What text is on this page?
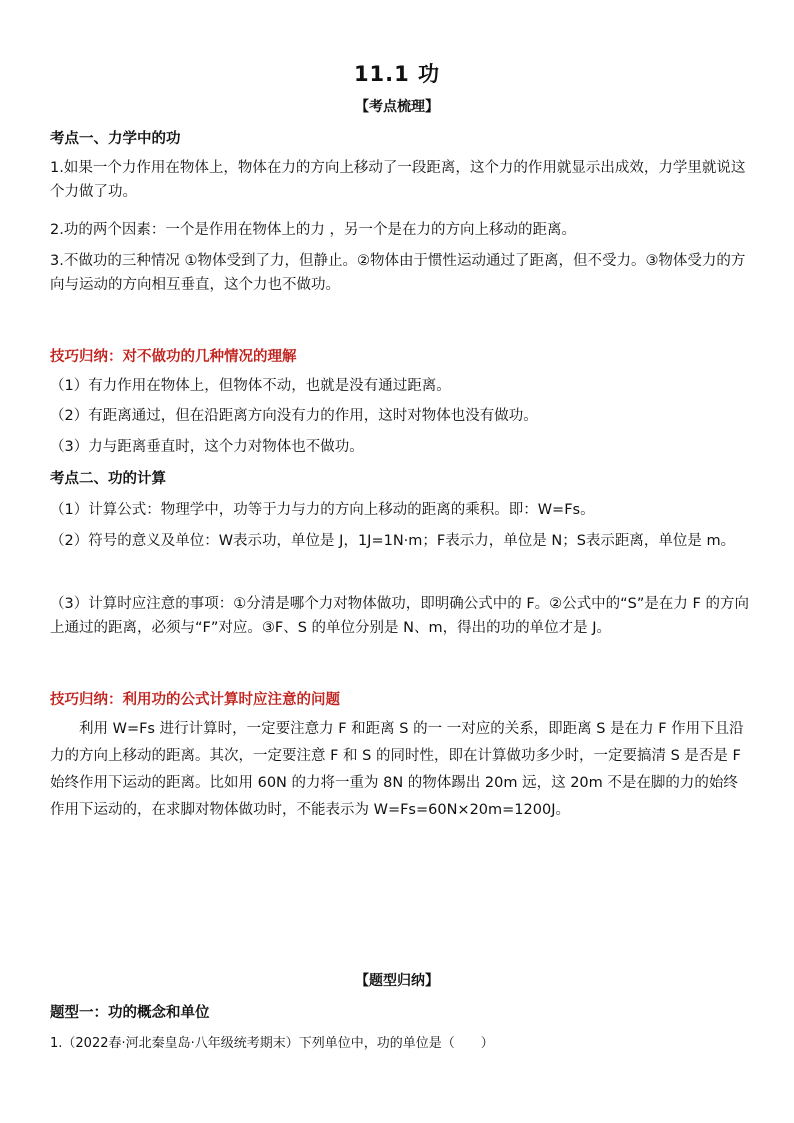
11.1 功
【考点梳理】
考点一、力学中的功
1.如果一个力作用在物体上，物体在力的方向上移动了一段距离，这个力的作用就显示出成效，力学里就说这个力做了功。
2.功的两个因素：一个是作用在物体上的力 ，另一个是在力的方向上移动的距离。
3.不做功的三种情况 ①物体受到了力，但静止。②物体由于惯性运动通过了距离，但不受力。③物体受力的方向与运动的方向相互垂直，这个力也不做功。
技巧归纳：对不做功的几种情况的理解
（1）有力作用在物体上，但物体不动，也就是没有通过距离。
（2）有距离通过，但在沿距离方向没有力的作用，这时对物体也没有做功。
（3）力与距离垂直时，这个力对物体也不做功。
考点二、功的计算
（1）计算公式：物理学中，功等于力与力的方向上移动的距离的乘积。即：W=Fs。
（2）符号的意义及单位：W表示功，单位是 J，1J=1N·m；F表示力，单位是 N；S表示距离，单位是 m。
（3）计算时应注意的事项：①分清是哪个力对物体做功，即明确公式中的 F。②公式中的“S”是在力 F 的方向上通过的距离，必须与“F”对应。③F、S 的单位分别是 N、m，得出的功的单位才是 J。
技巧归纳：利用功的公式计算时应注意的问题
利用 W=Fs 进行计算时，一定要注意力 F 和距离 S 的一 一对应的关系，即距离 S 是在力 F 作用下且沿力的方向上移动的距离。其次，一定要注意 F 和 S 的同时性，即在计算做功多少时，一定要搞清 S 是否是 F 始终作用下运动的距离。比如用 60N 的力将一重为 8N 的物体踢出 20m 远，这 20m 不是在脚的力的始终作用下运动的，在求脚对物体做功时，不能表示为 W=Fs=60N×20m=1200J。
【题型归纳】
题型一：功的概念和单位
1.（2022春·河北秦皇岛·八年级统考期末）下列单位中，功的单位是（　　）
